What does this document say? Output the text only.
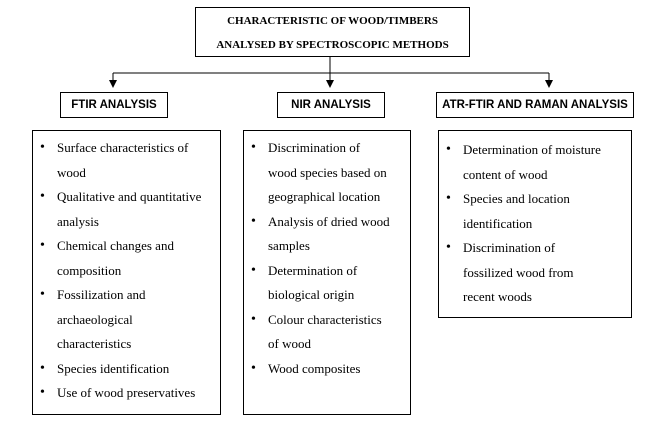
CHARACTERISTIC OF WOOD/TIMBERS
ANALYSED BY SPECTROSCOPIC METHODS
FTIR ANALYSIS	NIR ANALYSIS	ATR-FTIR AND RAMAN ANALYSIS
• Surface characteristics of
wood
• Qualitative and quantitative
analysis
• Chemical changes and
composition
• Fossilization and
archaeological
characteristics
• Species identification
• Use of wood preservatives
• Discrimination of
wood species based on
geographical location
• Analysis of dried wood
samples
• Determination of
biological origin
• Colour characteristics
of wood
• Wood composites
• Determination of moisture
content of wood
• Species and location
identification
• Discrimination of
fossilized wood from
recent woods
